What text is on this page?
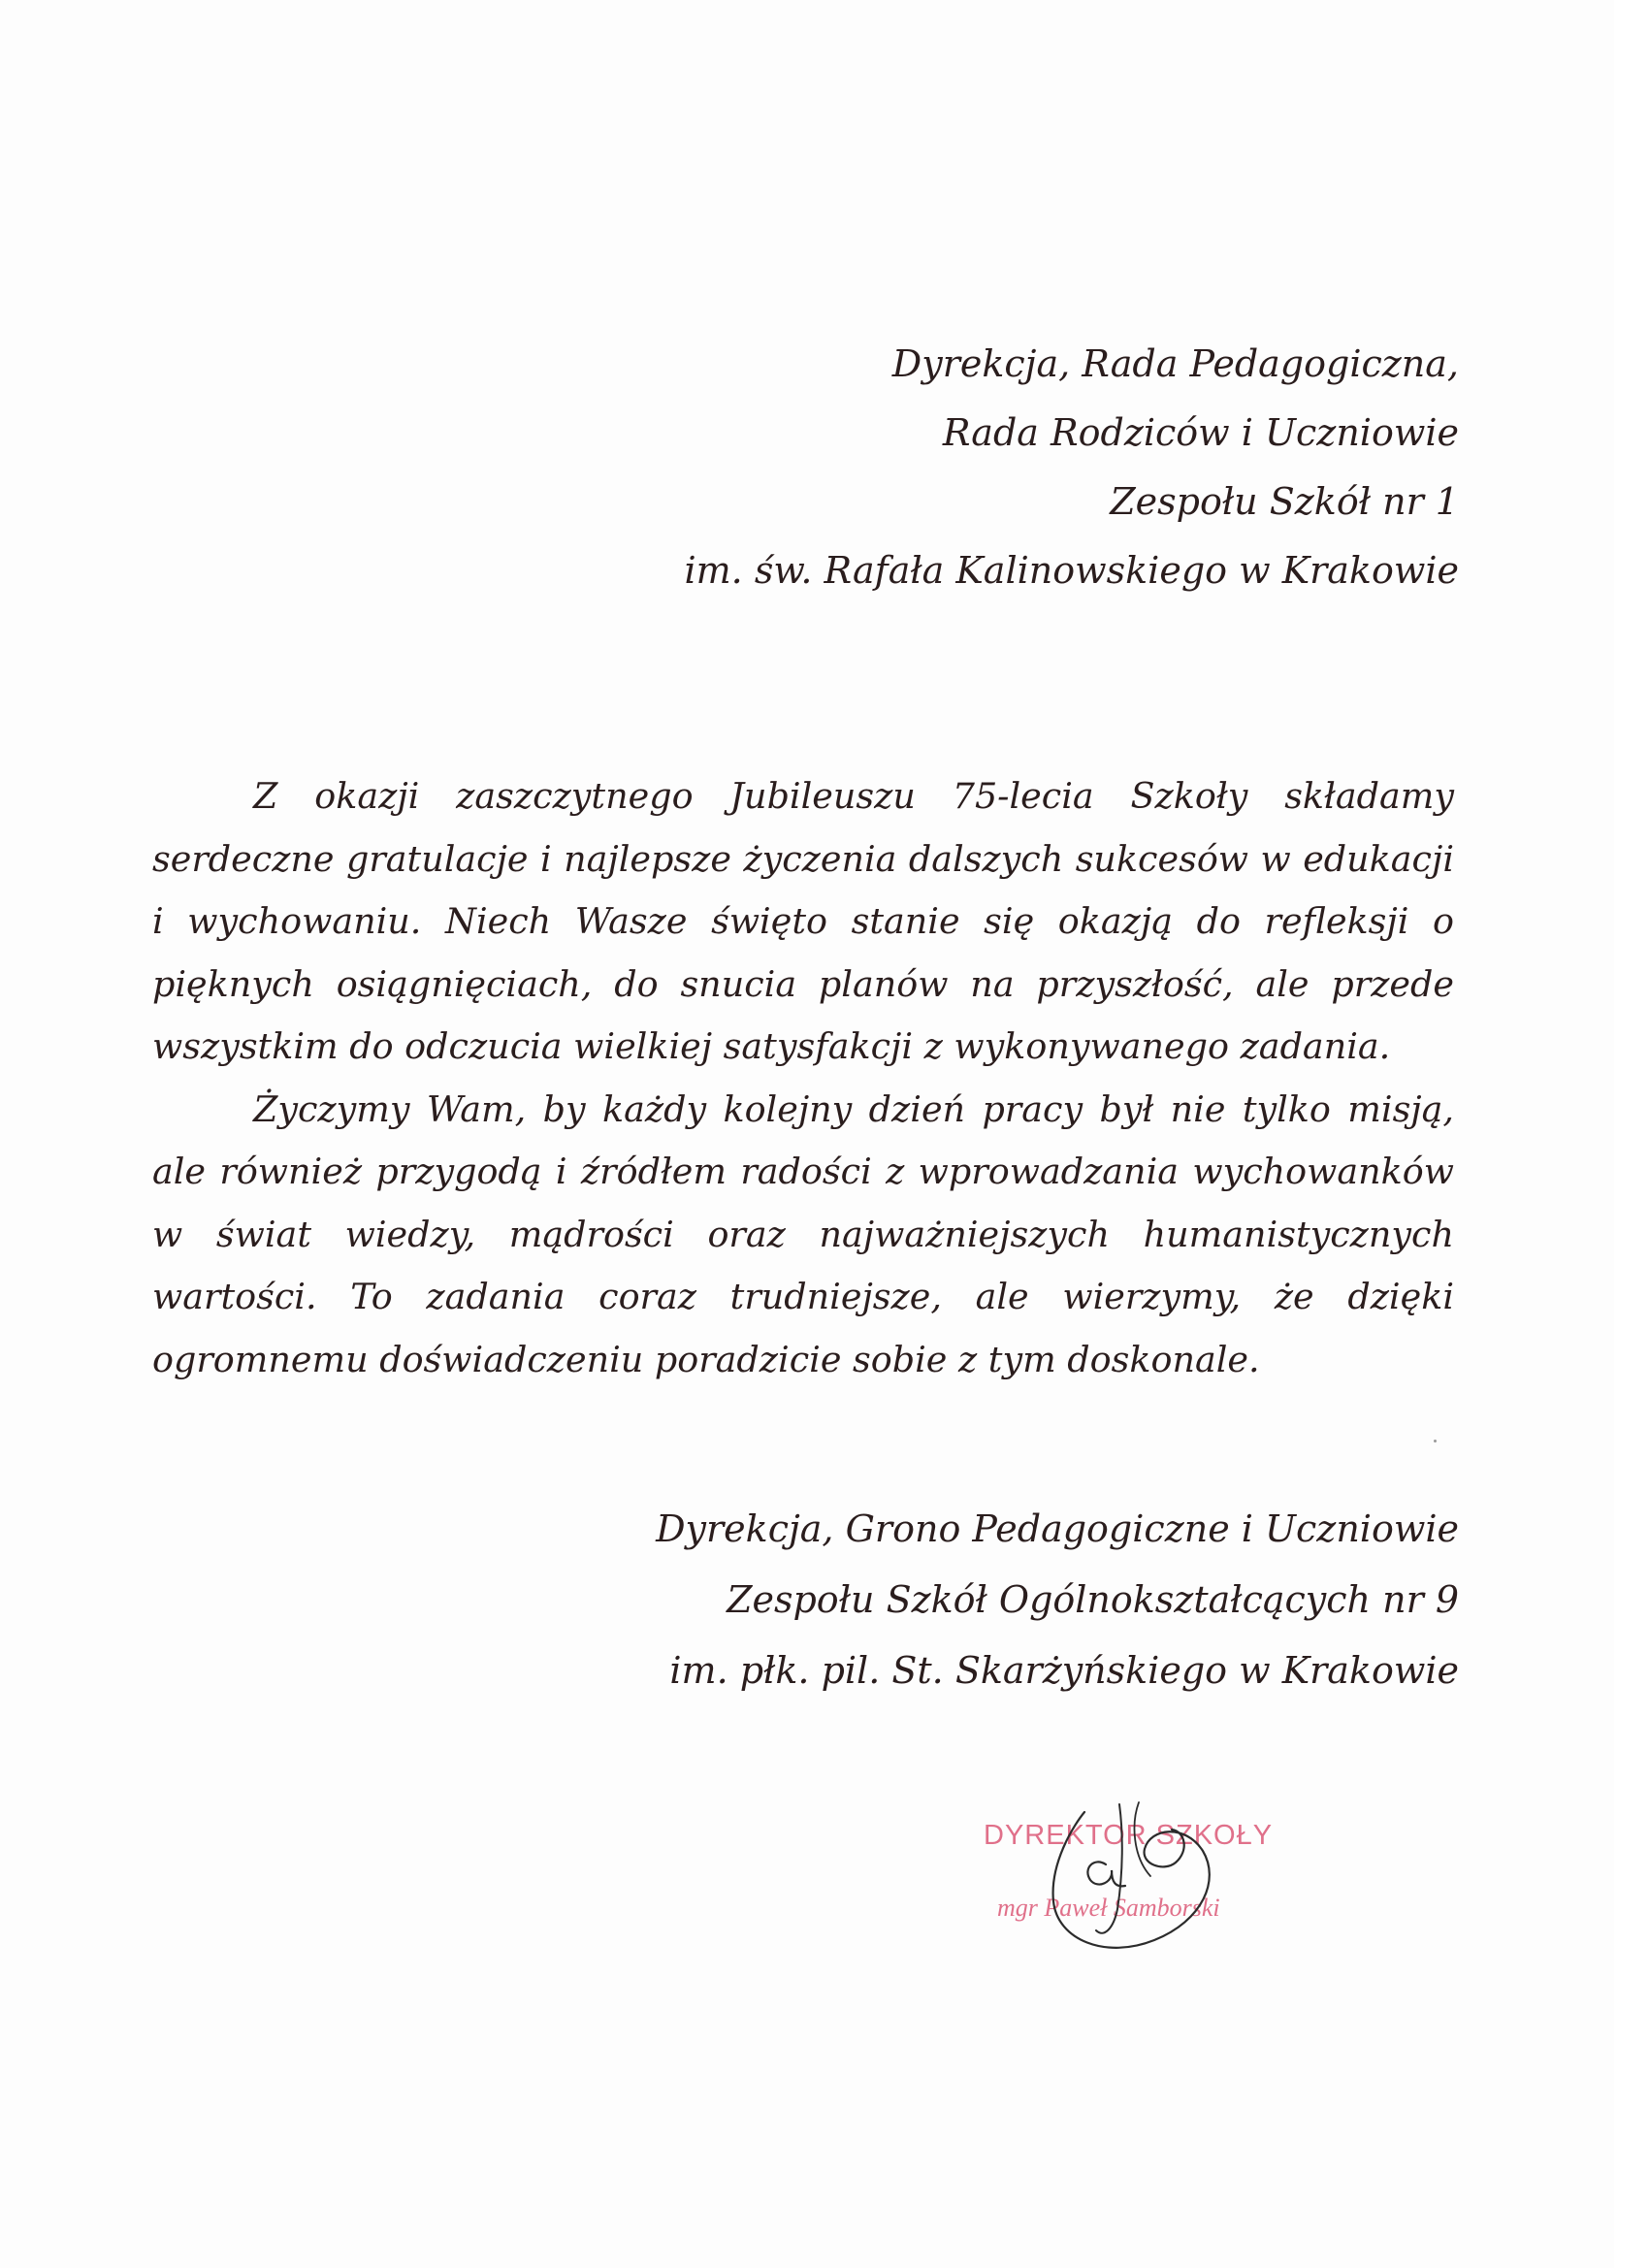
Dyrekcja, Rada Pedagogiczna,
Rada Rodziców i Uczniowie
Zespołu Szkół nr 1
im. św. Rafała Kalinowskiego w Krakowie

Z okazji zaszczytnego Jubileuszu 75-lecia Szkoły składamy serdeczne gratulacje i najlepsze życzenia dalszych sukcesów w edukacji i wychowaniu. Niech Wasze święto stanie się okazją do refleksji o pięknych osiągnięciach, do snucia planów na przyszłość, ale przede wszystkim do odczucia wielkiej satysfakcji z wykonywanego zadania.

Życzymy Wam, by każdy kolejny dzień pracy był nie tylko misją, ale również przygodą i źródłem radości z wprowadzania wychowanków w świat wiedzy, mądrości oraz najważniejszych humanistycznych wartości. To zadania coraz trudniejsze, ale wierzymy, że dzięki ogromnemu doświadczeniu poradzicie sobie z tym doskonale.

Dyrekcja, Grono Pedagogiczne i Uczniowie
Zespołu Szkół Ogólnokształcących nr 9
im. płk. pil. St. Skarżyńskiego w Krakowie
DYREKTOR SZKOŁY
mgr Paweł Samborski
